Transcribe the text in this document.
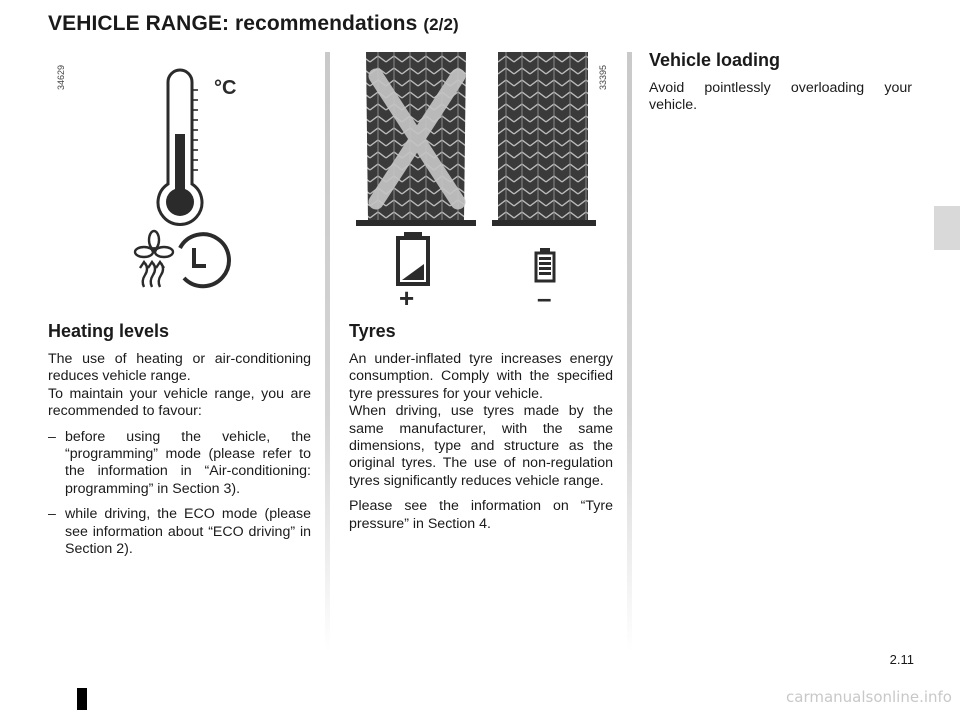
VEHICLE RANGE: recommendations (2/2)
34629	33395
°C
+	–
Heating levels

The use of heating or air-conditioning reduces vehicle range.

To maintain your vehicle range, you are recommended to favour:

– before using the vehicle, the “programming” mode (please refer to the information in “Air-conditioning: programming” in Section 3).
– while driving, the ECO mode (please see information about “ECO driving” in Section 2).
Tyres

An under-inflated tyre increases energy consumption. Comply with the specified tyre pressures for your vehicle.

When driving, use tyres made by the same manufacturer, with the same dimensions, type and structure as the original tyres. The use of non-regulation tyres significantly reduces vehicle range.

Please see the information on “Tyre pressure” in Section 4.

Vehicle loading

Avoid pointlessly overloading your vehicle.

2.11
carmanualsonline.info
